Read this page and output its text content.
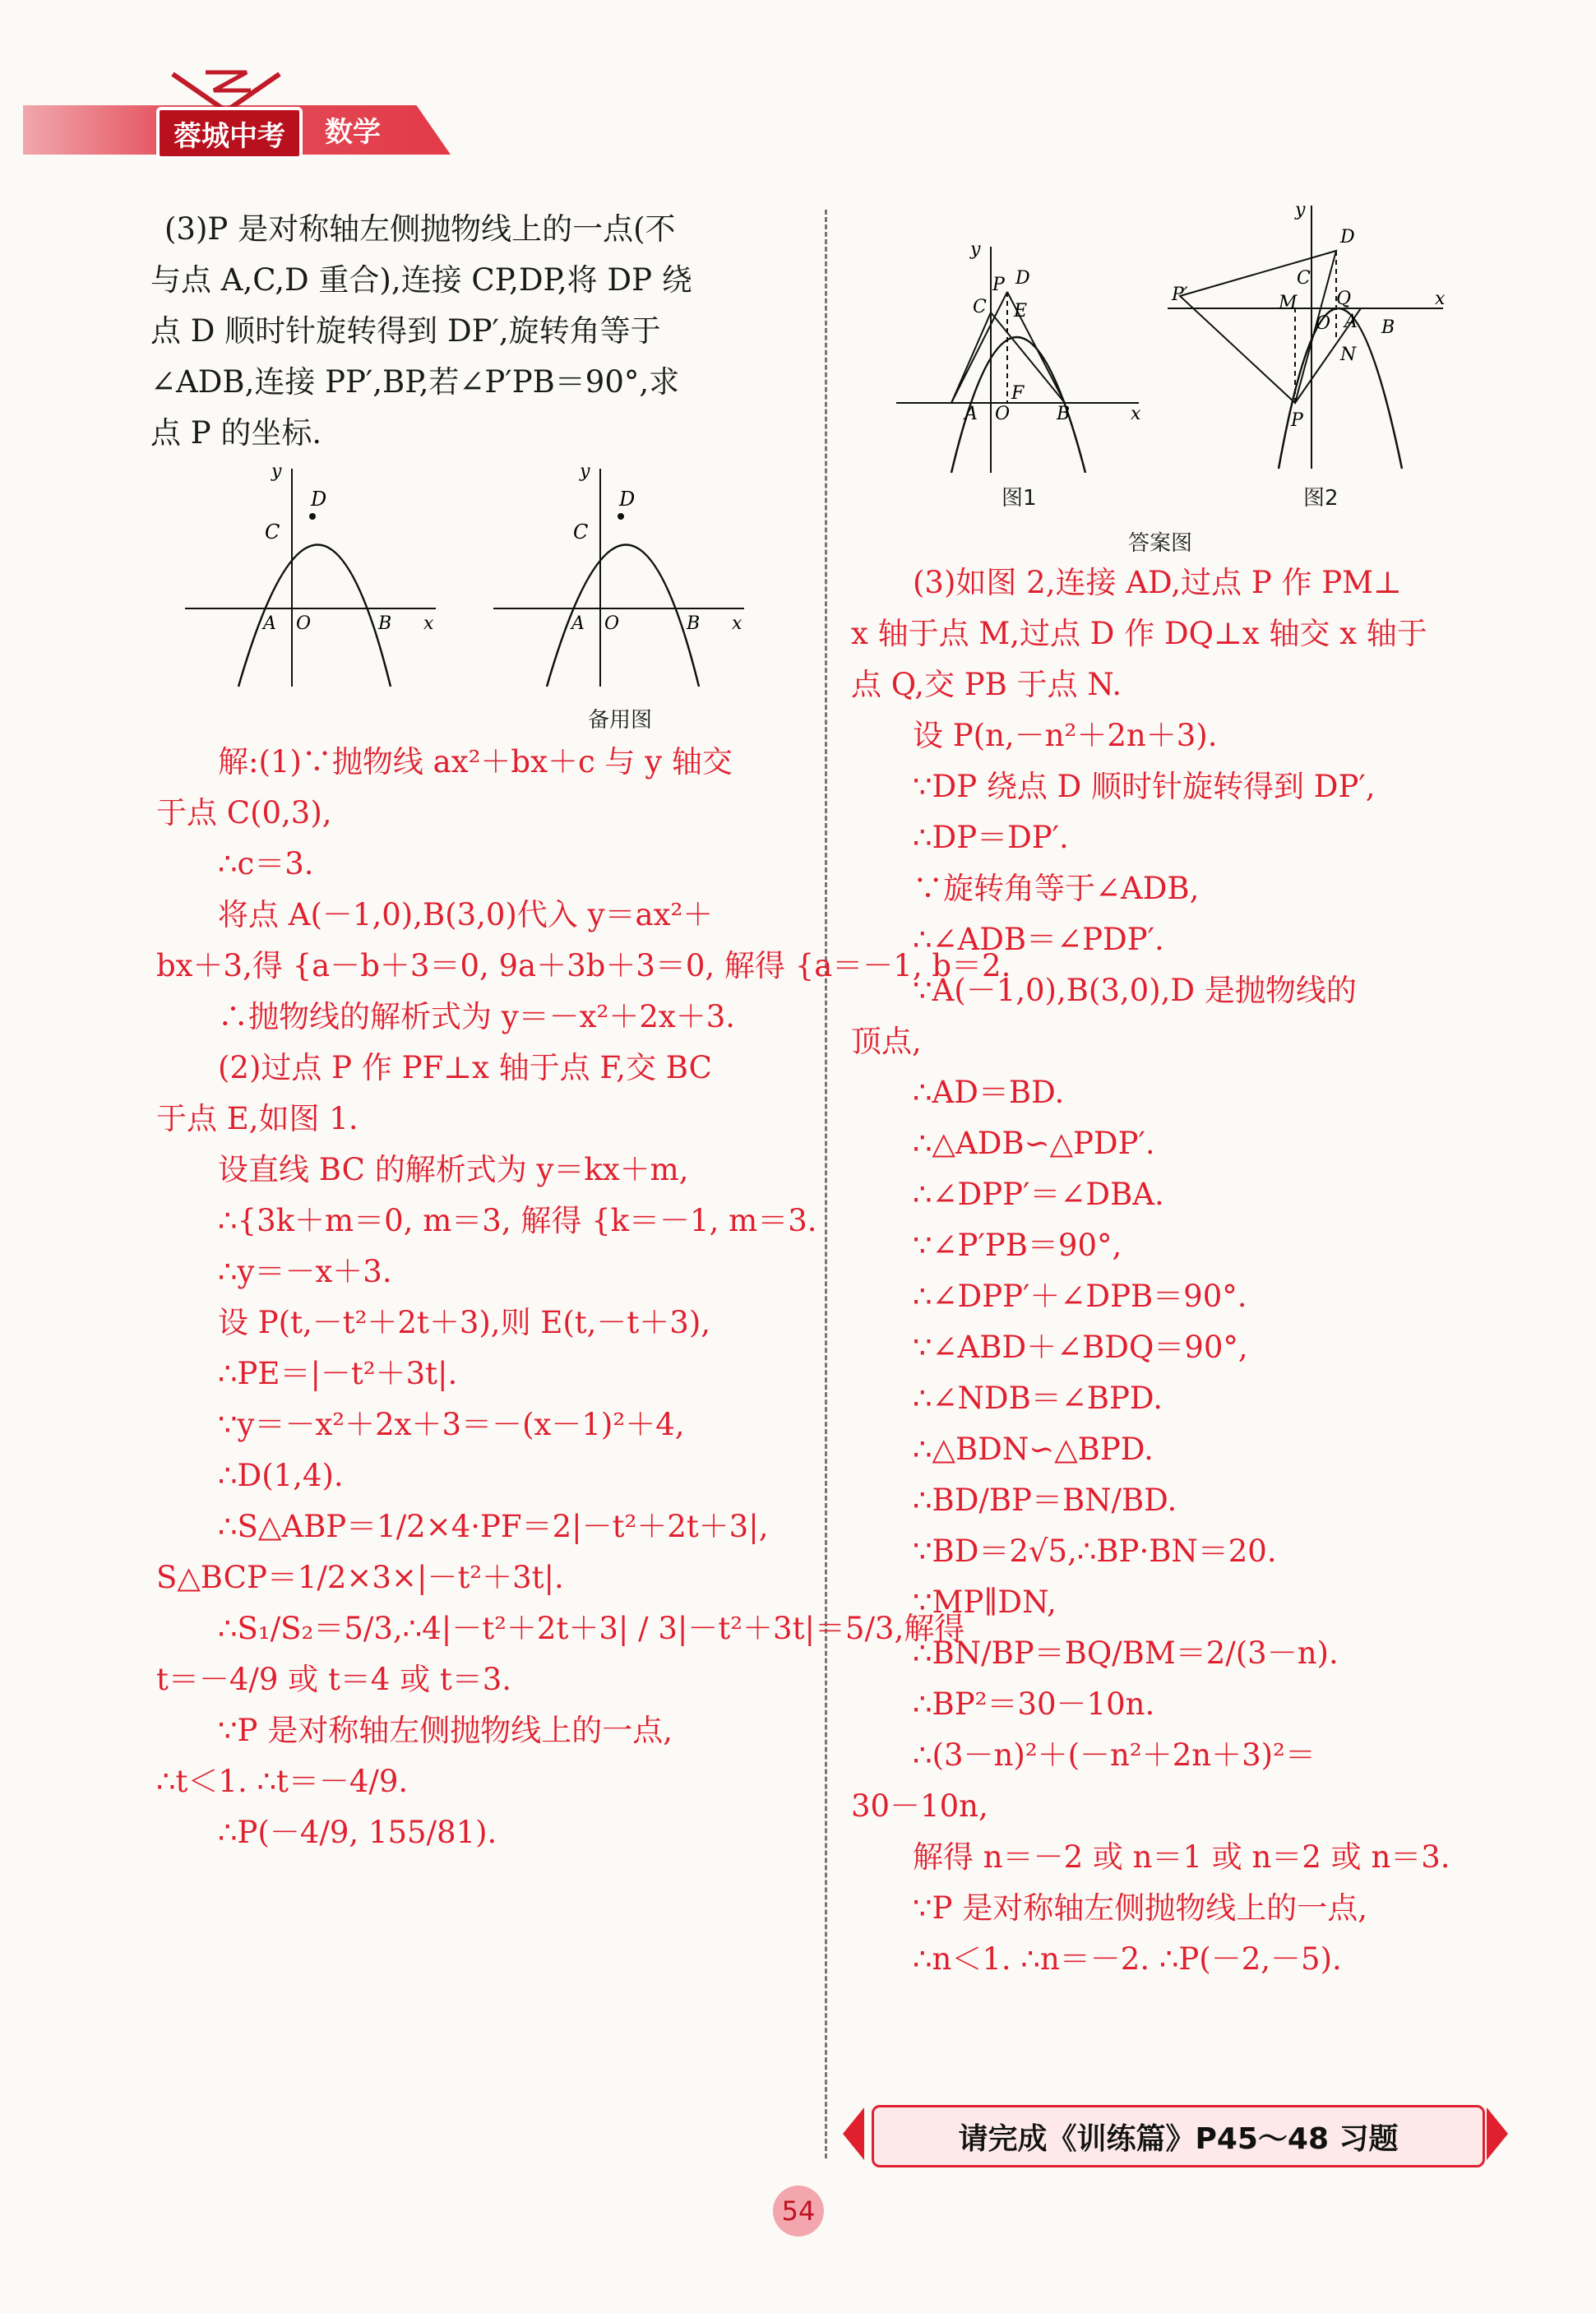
蓉城中考	数学

(3)P 是对称轴左侧抛物线上的一点(不

与点 A,C,D 重合),连接 CP,DP,将 DP 绕

点 D 顺时针旋转得到 DP′,旋转角等于

∠ADB,连接 PP′,BP,若∠P′PB＝90°,求

点 P 的坐标.

y
x
C
D
A O	B
y
x
C
D
A O	B
备用图

解:(1)∵抛物线 ax²＋bx＋c 与 y 轴交

于点 C(0,3),

∴c＝3.

将点 A(－1,0),B(3,0)代入 y＝ax²＋

bx＋3,得 {a－b＋3＝0, 9a＋3b＋3＝0, 解得 {a＝－1, b＝2.

∴抛物线的解析式为 y＝－x²＋2x＋3.

(2)过点 P 作 PF⊥x 轴于点 F,交 BC

于点 E,如图 1.

设直线 BC 的解析式为 y＝kx＋m,

∴{3k＋m＝0, m＝3, 解得 {k＝－1, m＝3.

∴y＝－x＋3.

设 P(t,－t²＋2t＋3),则 E(t,－t＋3),

∴PE＝|－t²＋3t|.

∵y＝－x²＋2x＋3＝－(x－1)²＋4,

∴D(1,4).

∴S△ABP＝1/2×4·PF＝2|－t²＋2t＋3|,

S△BCP＝1/2×3×|－t²＋3t|.

∴S₁/S₂＝5/3,∴4|－t²＋2t＋3| / 3|－t²＋3t|＝5/3,解得

t＝－4/9 或 t＝4 或 t＝3.

∵P 是对称轴左侧抛物线上的一点,

∴t＜1. ∴t＝－4/9.

∴P(－4/9, 155/81).

y
x
C
P D
E
F
A O	B
y
x
D
P′
C
M
O
Q
B
N
P
A
图1	图2
答案图

(3)如图 2,连接 AD,过点 P 作 PM⊥

x 轴于点 M,过点 D 作 DQ⊥x 轴交 x 轴于

点 Q,交 PB 于点 N.

设 P(n,－n²＋2n＋3).

∵DP 绕点 D 顺时针旋转得到 DP′,

∴DP＝DP′.

∵旋转角等于∠ADB,

∴∠ADB＝∠PDP′.

∵A(－1,0),B(3,0),D 是抛物线的

顶点,

∴AD＝BD.

∴△ADB∽△PDP′.

∴∠DPP′＝∠DBA.

∵∠P′PB＝90°,

∴∠DPP′＋∠DPB＝90°.

∵∠ABD＋∠BDQ＝90°,

∴∠NDB＝∠BPD.

∴△BDN∽△BPD.

∴BD/BP＝BN/BD.

∵BD＝2√5,∴BP·BN＝20.

∵MP∥DN,

∴BN/BP＝BQ/BM＝2/(3－n).

∴BP²＝30－10n.

∴(3－n)²＋(－n²＋2n＋3)²＝

30－10n,

解得 n＝－2 或 n＝1 或 n＝2 或 n＝3.

∵P 是对称轴左侧抛物线上的一点,

∴n＜1. ∴n＝－2. ∴P(－2,－5).

请完成《训练篇》P45～48 习题
54
